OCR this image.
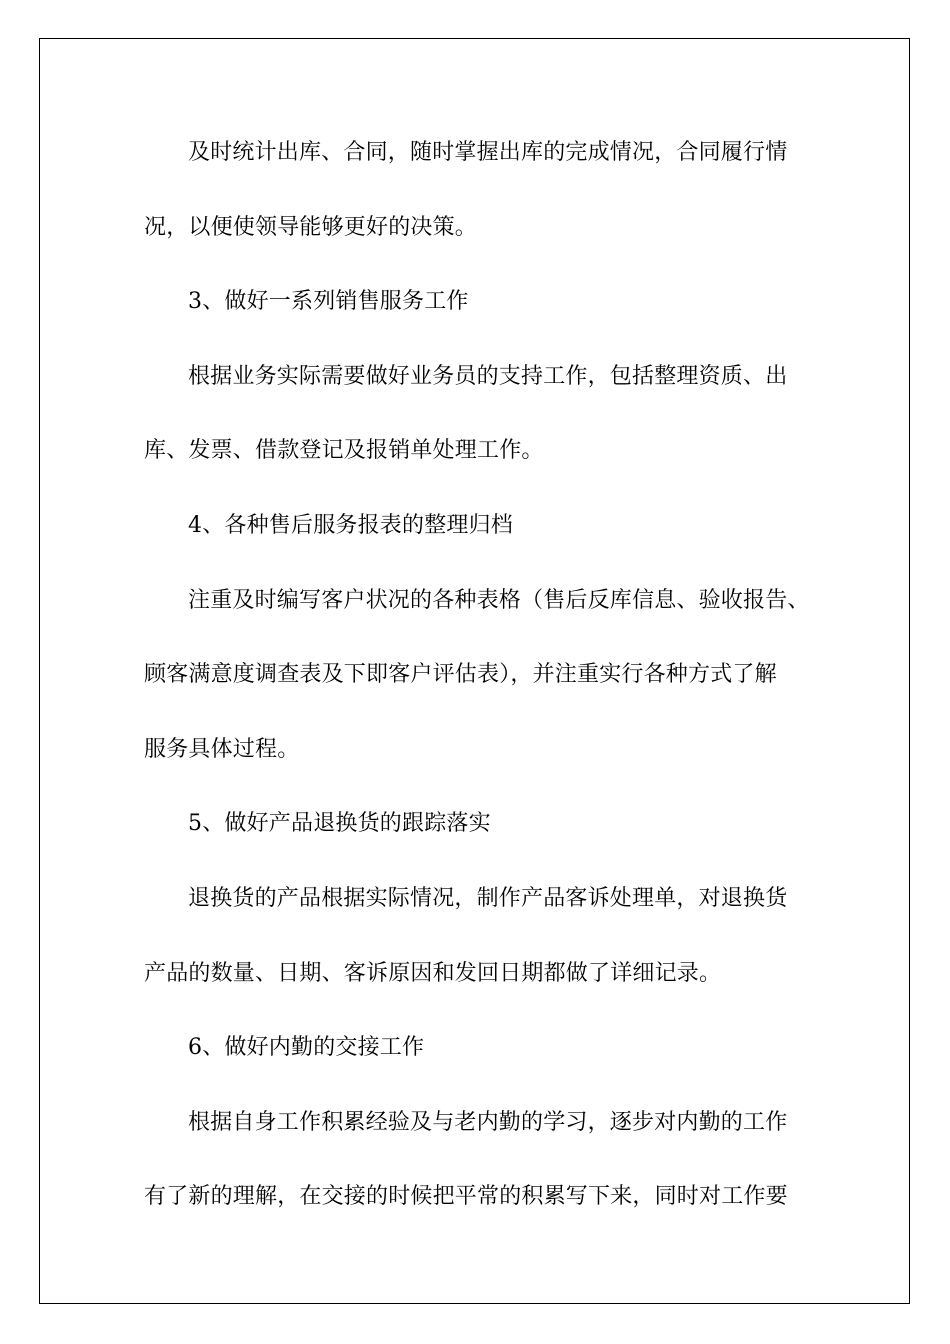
及时统计出库、合同，随时掌握出库的完成情况，合同履行情
况，以便使领导能够更好的决策。
3、做好一系列销售服务工作
根据业务实际需要做好业务员的支持工作，包括整理资质、出
库、发票、借款登记及报销单处理工作。
4、各种售后服务报表的整理归档
注重及时编写客户状况的各种表格（售后反库信息、验收报告、
顾客满意度调查表及下即客户评估表），并注重实行各种方式了解
服务具体过程。
5、做好产品退换货的跟踪落实
退换货的产品根据实际情况，制作产品客诉处理单，对退换货
产品的数量、日期、客诉原因和发回日期都做了详细记录。
6、做好内勤的交接工作
根据自身工作积累经验及与老内勤的学习，逐步对内勤的工作
有了新的理解，在交接的时候把平常的积累写下来，同时对工作要
